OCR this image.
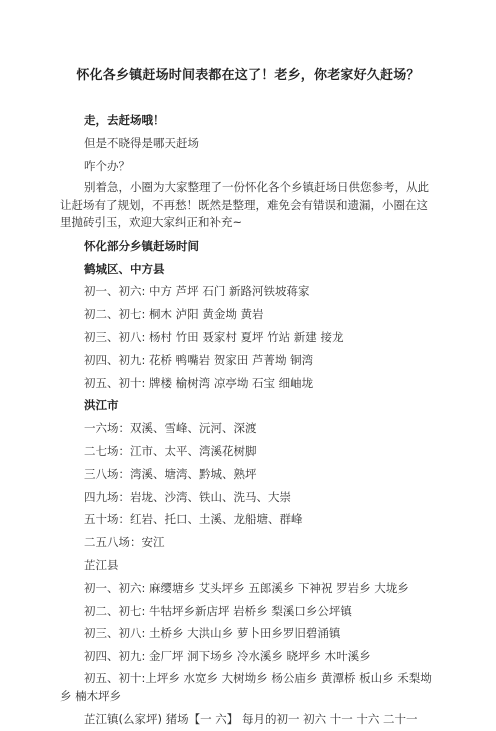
怀化各乡镇赶场时间表都在这了！老乡，你老家好久赶场？

走，去赶场哦！

但是不晓得是哪天赶场

咋个办？

别着急，小圈为大家整理了一份怀化各个乡镇赶场日供您参考，从此让赶场有了规划，不再愁！既然是整理，难免会有错误和遗漏，小圈在这里抛砖引玉，欢迎大家纠正和补充~

怀化部分乡镇赶场时间

鹤城区、中方县

初一、初六: 中方 芦坪 石门 新路河铁坡蒋家

初二、初七: 桐木 泸阳 黄金坳 黄岩

初三、初八: 杨村 竹田 聂家村 夏坪 竹站 新建 接龙

初四、初九: 花桥 鸭嘴岩 贺家田 芦菁坳 铜湾

初五、初十: 牌楼 榆树湾 凉亭坳 石宝 细岫垅

洪江市

一六场：双溪、雪峰、沅河、深渡

二七场：江市、太平、湾溪花树脚

三八场：湾溪、塘湾、黔城、熟坪

四九场：岩垅、沙湾、铁山、洗马、大崇

五十场：红岩、托口、土溪、龙船塘、群峰

二五八场：安江

芷江县

初一、初六: 麻缨塘乡 艾头坪乡 五郎溪乡 下神祝 罗岩乡 大垅乡

初二、初七: 牛牯坪乡新店坪 岩桥乡 梨溪口乡公坪镇

初三、初八: 土桥乡 大洪山乡 萝卜田乡罗旧碧涌镇

初四、初九: 金厂坪 洞下场乡 冷水溪乡 晓坪乡 木叶溪乡

初五、初十:上坪乡 水宽乡 大树坳乡 杨公庙乡 黄潭桥 板山乡 禾梨坳乡 楠木坪乡

芷江镇(么家坪) 猪场【一 六】 每月的初一 初六 十一 十六 二十一
